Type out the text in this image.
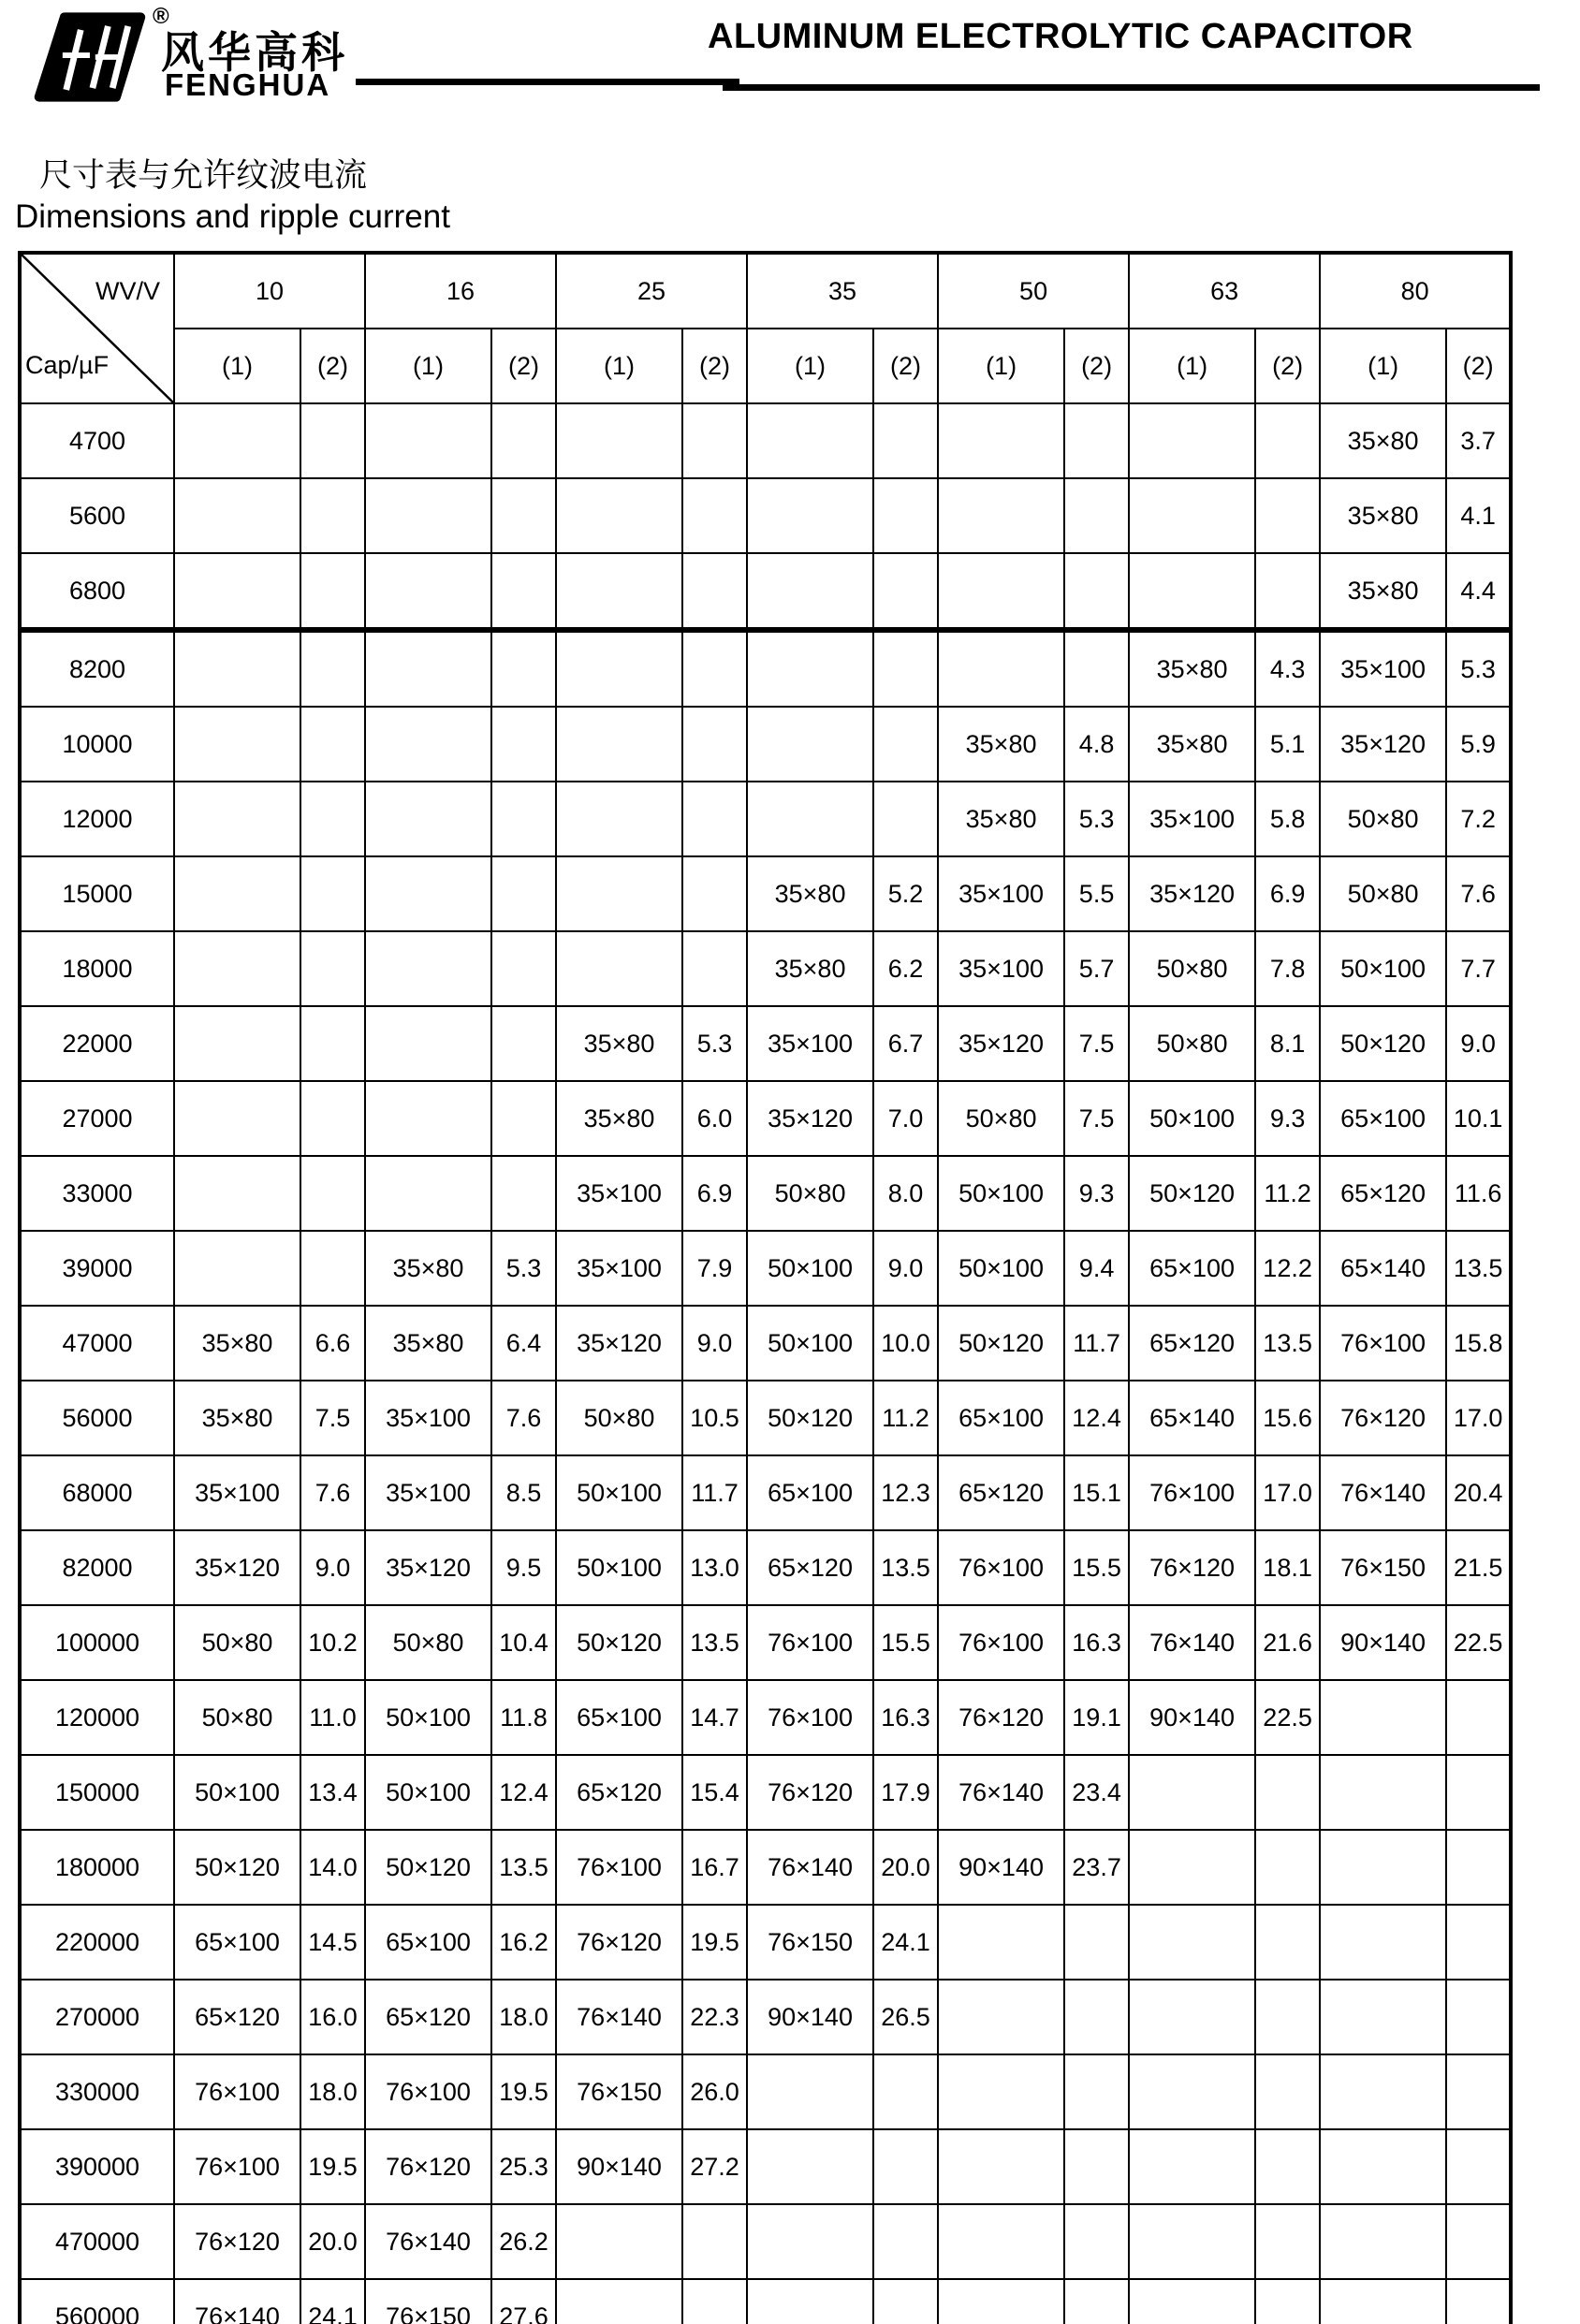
®
风华高科
FENGHUA
ALUMINUM ELECTROLYTIC CAPACITOR
尺寸表与允许纹波电流
Dimensions and ripple current
WV/V
Cap/µF	10		16		25		35		50		63		80	
	(1)	(2)	(1)	(2)	(1)	(2)	(1)	(2)	(1)	(2)	(1)	(2)	(1)	(2)
4700													35×80	3.7
5600													35×80	4.1
6800													35×80	4.4
8200											35×80	4.3	35×100	5.3
10000									35×80	4.8	35×80	5.1	35×120	5.9
12000									35×80	5.3	35×100	5.8	50×80	7.2
15000							35×80	5.2	35×100	5.5	35×120	6.9	50×80	7.6
18000							35×80	6.2	35×100	5.7	50×80	7.8	50×100	7.7
22000					35×80	5.3	35×100	6.7	35×120	7.5	50×80	8.1	50×120	9.0
27000					35×80	6.0	35×120	7.0	50×80	7.5	50×100	9.3	65×100	10.1
33000					35×100	6.9	50×80	8.0	50×100	9.3	50×120	11.2	65×120	11.6
39000			35×80	5.3	35×100	7.9	50×100	9.0	50×100	9.4	65×100	12.2	65×140	13.5
47000	35×80	6.6	35×80	6.4	35×120	9.0	50×100	10.0	50×120	11.7	65×120	13.5	76×100	15.8
56000	35×80	7.5	35×100	7.6	50×80	10.5	50×120	11.2	65×100	12.4	65×140	15.6	76×120	17.0
68000	35×100	7.6	35×100	8.5	50×100	11.7	65×100	12.3	65×120	15.1	76×100	17.0	76×140	20.4
82000	35×120	9.0	35×120	9.5	50×100	13.0	65×120	13.5	76×100	15.5	76×120	18.1	76×150	21.5
100000	50×80	10.2	50×80	10.4	50×120	13.5	76×100	15.5	76×100	16.3	76×140	21.6	90×140	22.5
120000	50×80	11.0	50×100	11.8	65×100	14.7	76×100	16.3	76×120	19.1	90×140	22.5		
150000	50×100	13.4	50×100	12.4	65×120	15.4	76×120	17.9	76×140	23.4				
180000	50×120	14.0	50×120	13.5	76×100	16.7	76×140	20.0	90×140	23.7				
220000	65×100	14.5	65×100	16.2	76×120	19.5	76×150	24.1						
270000	65×120	16.0	65×120	18.0	76×140	22.3	90×140	26.5						
330000	76×100	18.0	76×100	19.5	76×150	26.0								
390000	76×100	19.5	76×120	25.3	90×140	27.2								
470000	76×120	20.0	76×140	26.2										
560000	76×140	24.1	76×150	27.6										
